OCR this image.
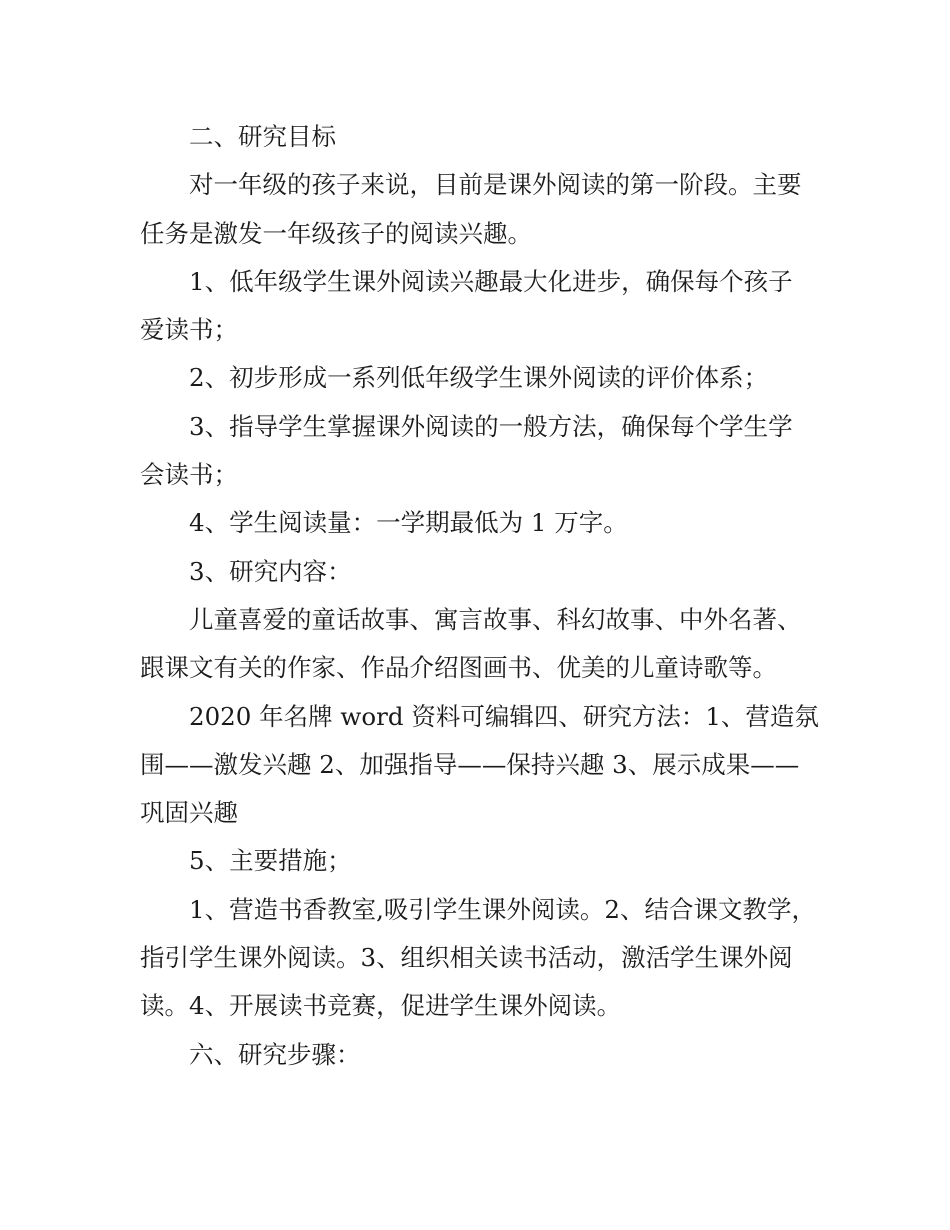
二、研究目标

对一年级的孩子来说，目前是课外阅读的第一阶段。主要
任务是激发一年级孩子的阅读兴趣。

1、低年级学生课外阅读兴趣最大化进步，确保每个孩子
爱读书；

2、初步形成一系列低年级学生课外阅读的评价体系；

3、指导学生掌握课外阅读的一般方法，确保每个学生学
会读书；

4、学生阅读量：一学期最低为 1 万字。

3、研究内容：

儿童喜爱的童话故事、寓言故事、科幻故事、中外名著、
跟课文有关的作家、作品介绍图画书、优美的儿童诗歌等。

2020 年名牌 word 资料可编辑四、研究方法：1、营造氛
围——激发兴趣 2、加强指导——保持兴趣 3、展示成果——
巩固兴趣

5、主要措施；

1、营造书香教室,吸引学生课外阅读。2、结合课文教学，
指引学生课外阅读。3、组织相关读书活动，激活学生课外阅
读。4、开展读书竞赛，促进学生课外阅读。

六、研究步骤：
